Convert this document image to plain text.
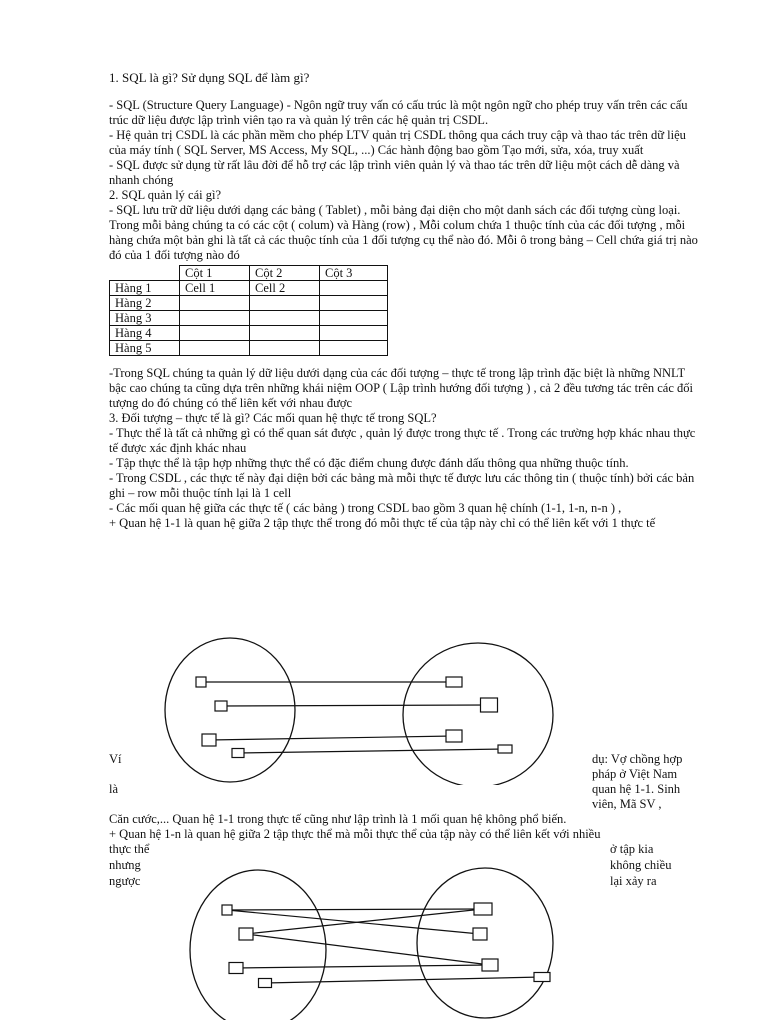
1. SQL là gì? Sử dụng SQL để làm gì?

- SQL (Structure Query Language) - Ngôn ngữ truy vấn có cấu trúc là một ngôn ngữ cho phép truy vấn trên các cấu trúc dữ liệu được lập trình viên tạo ra và quản lý trên các hệ quản trị CSDL.

- Hệ quản trị CSDL là các phần mềm cho phép LTV quản trị CSDL thông qua cách truy cập và thao tác trên dữ liệu của máy tính ( SQL Server, MS Access, My SQL, ...) Các hành động bao gồm Tạo mới, sửa, xóa, truy xuất

- SQL được sử dụng từ rất lâu đời để hỗ trợ các lập trình viên quản lý và thao tác trên dữ liệu một cách dễ dàng và nhanh chóng

2. SQL quản lý cái gì?

- SQL lưu trữ dữ liệu dưới dạng các bảng ( Tablet) , mỗi bảng đại diện cho một danh sách các đối tượng cùng loại. Trong mỗi bảng chúng ta có các cột ( colum) và Hàng (row) , Mỗi colum chứa 1 thuộc tính của các đối tượng , mỗi hàng chứa một bản ghi là tất cả các thuộc tính của 1 đối tượng cụ thể nào đó. Mỗi ô trong bảng – Cell chứa giá trị nào đó của 1 đối tượng nào đó

	Cột 1	Cột 2	Cột 3
Hàng 1	Cell 1	Cell 2	
Hàng 2			
Hàng 3			
Hàng 4			
Hàng 5			

-Trong SQL chúng ta quản lý dữ liệu dưới dạng của các đối tượng – thực tế trong lập trình đặc biệt là những NNLT bậc cao chúng ta cũng dựa trên những khái niệm OOP ( Lập trình hướng đối tượng ) , cả 2 đều tương tác trên các đối tượng do đó chúng có thể liên kết với nhau được

3. Đối tượng – thực tế là gì? Các mối quan hệ thực tế trong SQL?

- Thực thể là tất cả những gì có thể quan sát được , quản lý được trong thực tế . Trong các trường hợp khác nhau thực tế được xác định khác nhau

- Tập thực thể là tập hợp những thực thể có đặc điểm chung được đánh dấu thông qua những thuộc tính.

- Trong CSDL , các thực tế này đại diện bởi các bảng mà mỗi thực tế được lưu các thông tin ( thuộc tính) bởi các bản ghi – row mỗi thuộc tính lại là 1 cell

- Các mối quan hệ giữa các thực tế ( các bảng ) trong CSDL bao gồm 3 quan hệ chính (1-1, 1-n, n-n ) ,

+ Quan hệ 1-1 là quan hệ giữa 2 tập thực thể trong đó mỗi thực tế của tập này chỉ có thể liên kết với 1 thực tế

Ví
là
dụ: Vợ chồng hợp
pháp ở Việt Nam
quan hệ 1-1. Sinh
viên, Mã SV ,
Căn cước,... Quan hệ 1-1 trong thực tế cũng như lập trình là 1 mối quan hệ không phổ biến.
+ Quan hệ 1-n là quan hệ giữa 2 tập thực thể mà mỗi thực thể của tập này có thể liên kết với nhiều
thực thể
nhưng
ngược
ở tập kia
không chiều
lại xảy ra
